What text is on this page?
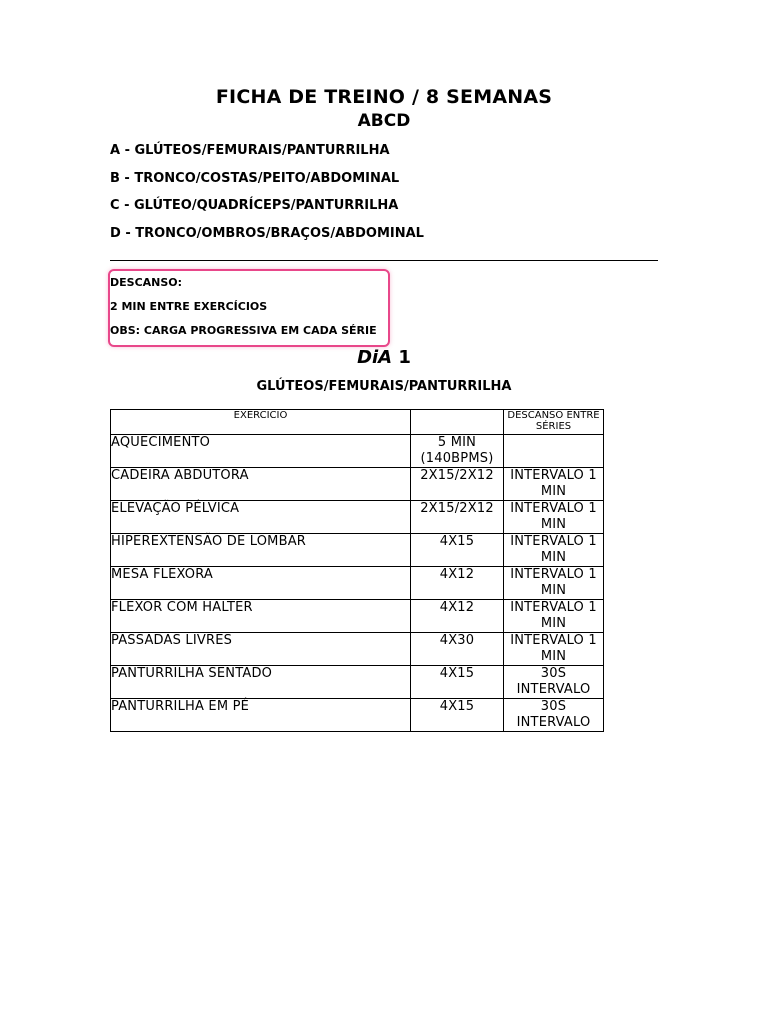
FICHA DE TREINO / 8 SEMANAS
ABCD
A - GLÚTEOS/FEMURAIS/PANTURRILHA
B - TRONCO/COSTAS/PEITO/ABDOMINAL
C - GLÚTEO/QUADRÍCEPS/PANTURRILHA
D - TRONCO/OMBROS/BRAÇOS/ABDOMINAL
DESCANSO:
2 MIN ENTRE EXERCÍCIOS
OBS: CARGA PROGRESSIVA EM CADA SÉRIE
DiA 1
GLÚTEOS/FEMURAIS/PANTURRILHA
EXERCICIO		DESCANSO ENTRE SÉRIES
AQUECIMENTO	5 MIN (140BPMS)	
CADEIRA ABDUTORA	2X15/2X12	INTERVALO 1 MIN
ELEVAÇÃO PÉLVICA	2X15/2X12	INTERVALO 1 MIN
HIPEREXTENSÃO DE LOMBAR	4X15	INTERVALO 1 MIN
MESA FLEXORA	4X12	INTERVALO 1 MIN
FLEXOR COM HALTER	4X12	INTERVALO 1 MIN
PASSADAS LIVRES	4X30	INTERVALO 1 MIN
PANTURRILHA SENTADO	4X15	30S INTERVALO
PANTURRILHA EM PÉ	4X15	30S INTERVALO
